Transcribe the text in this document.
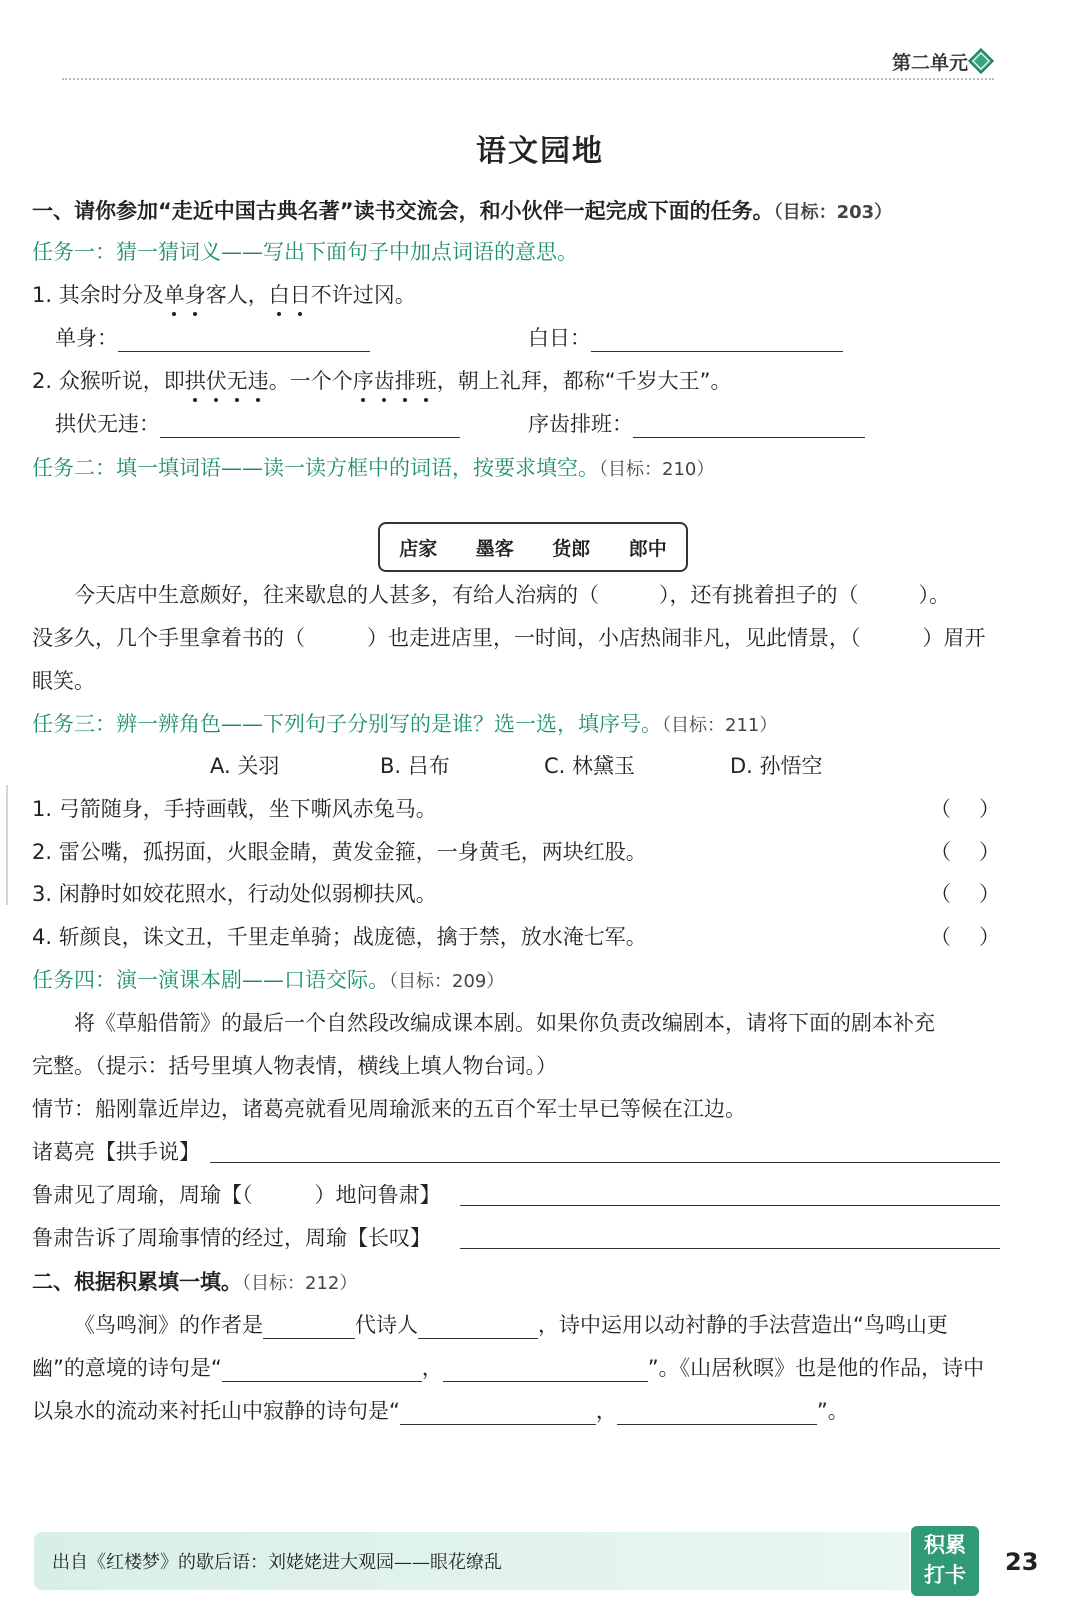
第二单元
语文园地
一、请你参加“走近中国古典名著”读书交流会，和小伙伴一起完成下面的任务。（目标：203）
任务一：猜一猜词义——写出下面句子中加点词语的意思。
1. 其余时分及单身客人，白日不许过冈。
单身：	白日：
2. 众猴听说，即拱伏无违。一个个序齿排班，朝上礼拜，都称“千岁大王”。
拱伏无违：	序齿排班：
任务二：填一填词语——读一读方框中的词语，按要求填空。（目标：210）
店家 墨客 货郎 郎中
今天店中生意颇好，往来歇息的人甚多，有给人治病的（	），还有挑着担子的（	）。
没多久，几个手里拿着书的（	）也走进店里，一时间，小店热闹非凡，见此情景，（	）眉开
眼笑。
任务三：辨一辨角色——下列句子分别写的是谁？选一选，填序号。（目标：211）
A. 关羽	B. 吕布	C. 林黛玉	D. 孙悟空
1. 弓箭随身，手持画戟，坐下嘶风赤兔马。	（ ）
2. 雷公嘴，孤拐面，火眼金睛，黄发金箍，一身黄毛，两块红股。	（ ）
3. 闲静时如姣花照水，行动处似弱柳扶风。	（ ）
4. 斩颜良，诛文丑，千里走单骑；战庞德，擒于禁，放水淹七军。	（ ）
任务四：演一演课本剧——口语交际。（目标：209）
将《草船借箭》的最后一个自然段改编成课本剧。如果你负责改编剧本，请将下面的剧本补充
完整。（提示：括号里填人物表情，横线上填人物台词。）
情节：船刚靠近岸边，诸葛亮就看见周瑜派来的五百个军士早已等候在江边。
诸葛亮【拱手说】
鲁肃见了周瑜，周瑜【（	）地问鲁肃】
鲁肃告诉了周瑜事情的经过，周瑜【长叹】
二、根据积累填一填。（目标：212）
《鸟鸣涧》的作者是	代诗人	，诗中运用以动衬静的手法营造出“鸟鸣山更
幽”的意境的诗句是“	，	”。《山居秋暝》也是他的作品，诗中
以泉水的流动来衬托山中寂静的诗句是“	，	”。
出自《红楼梦》的歇后语：刘姥姥进大观园——眼花缭乱
积累
打卡	23
